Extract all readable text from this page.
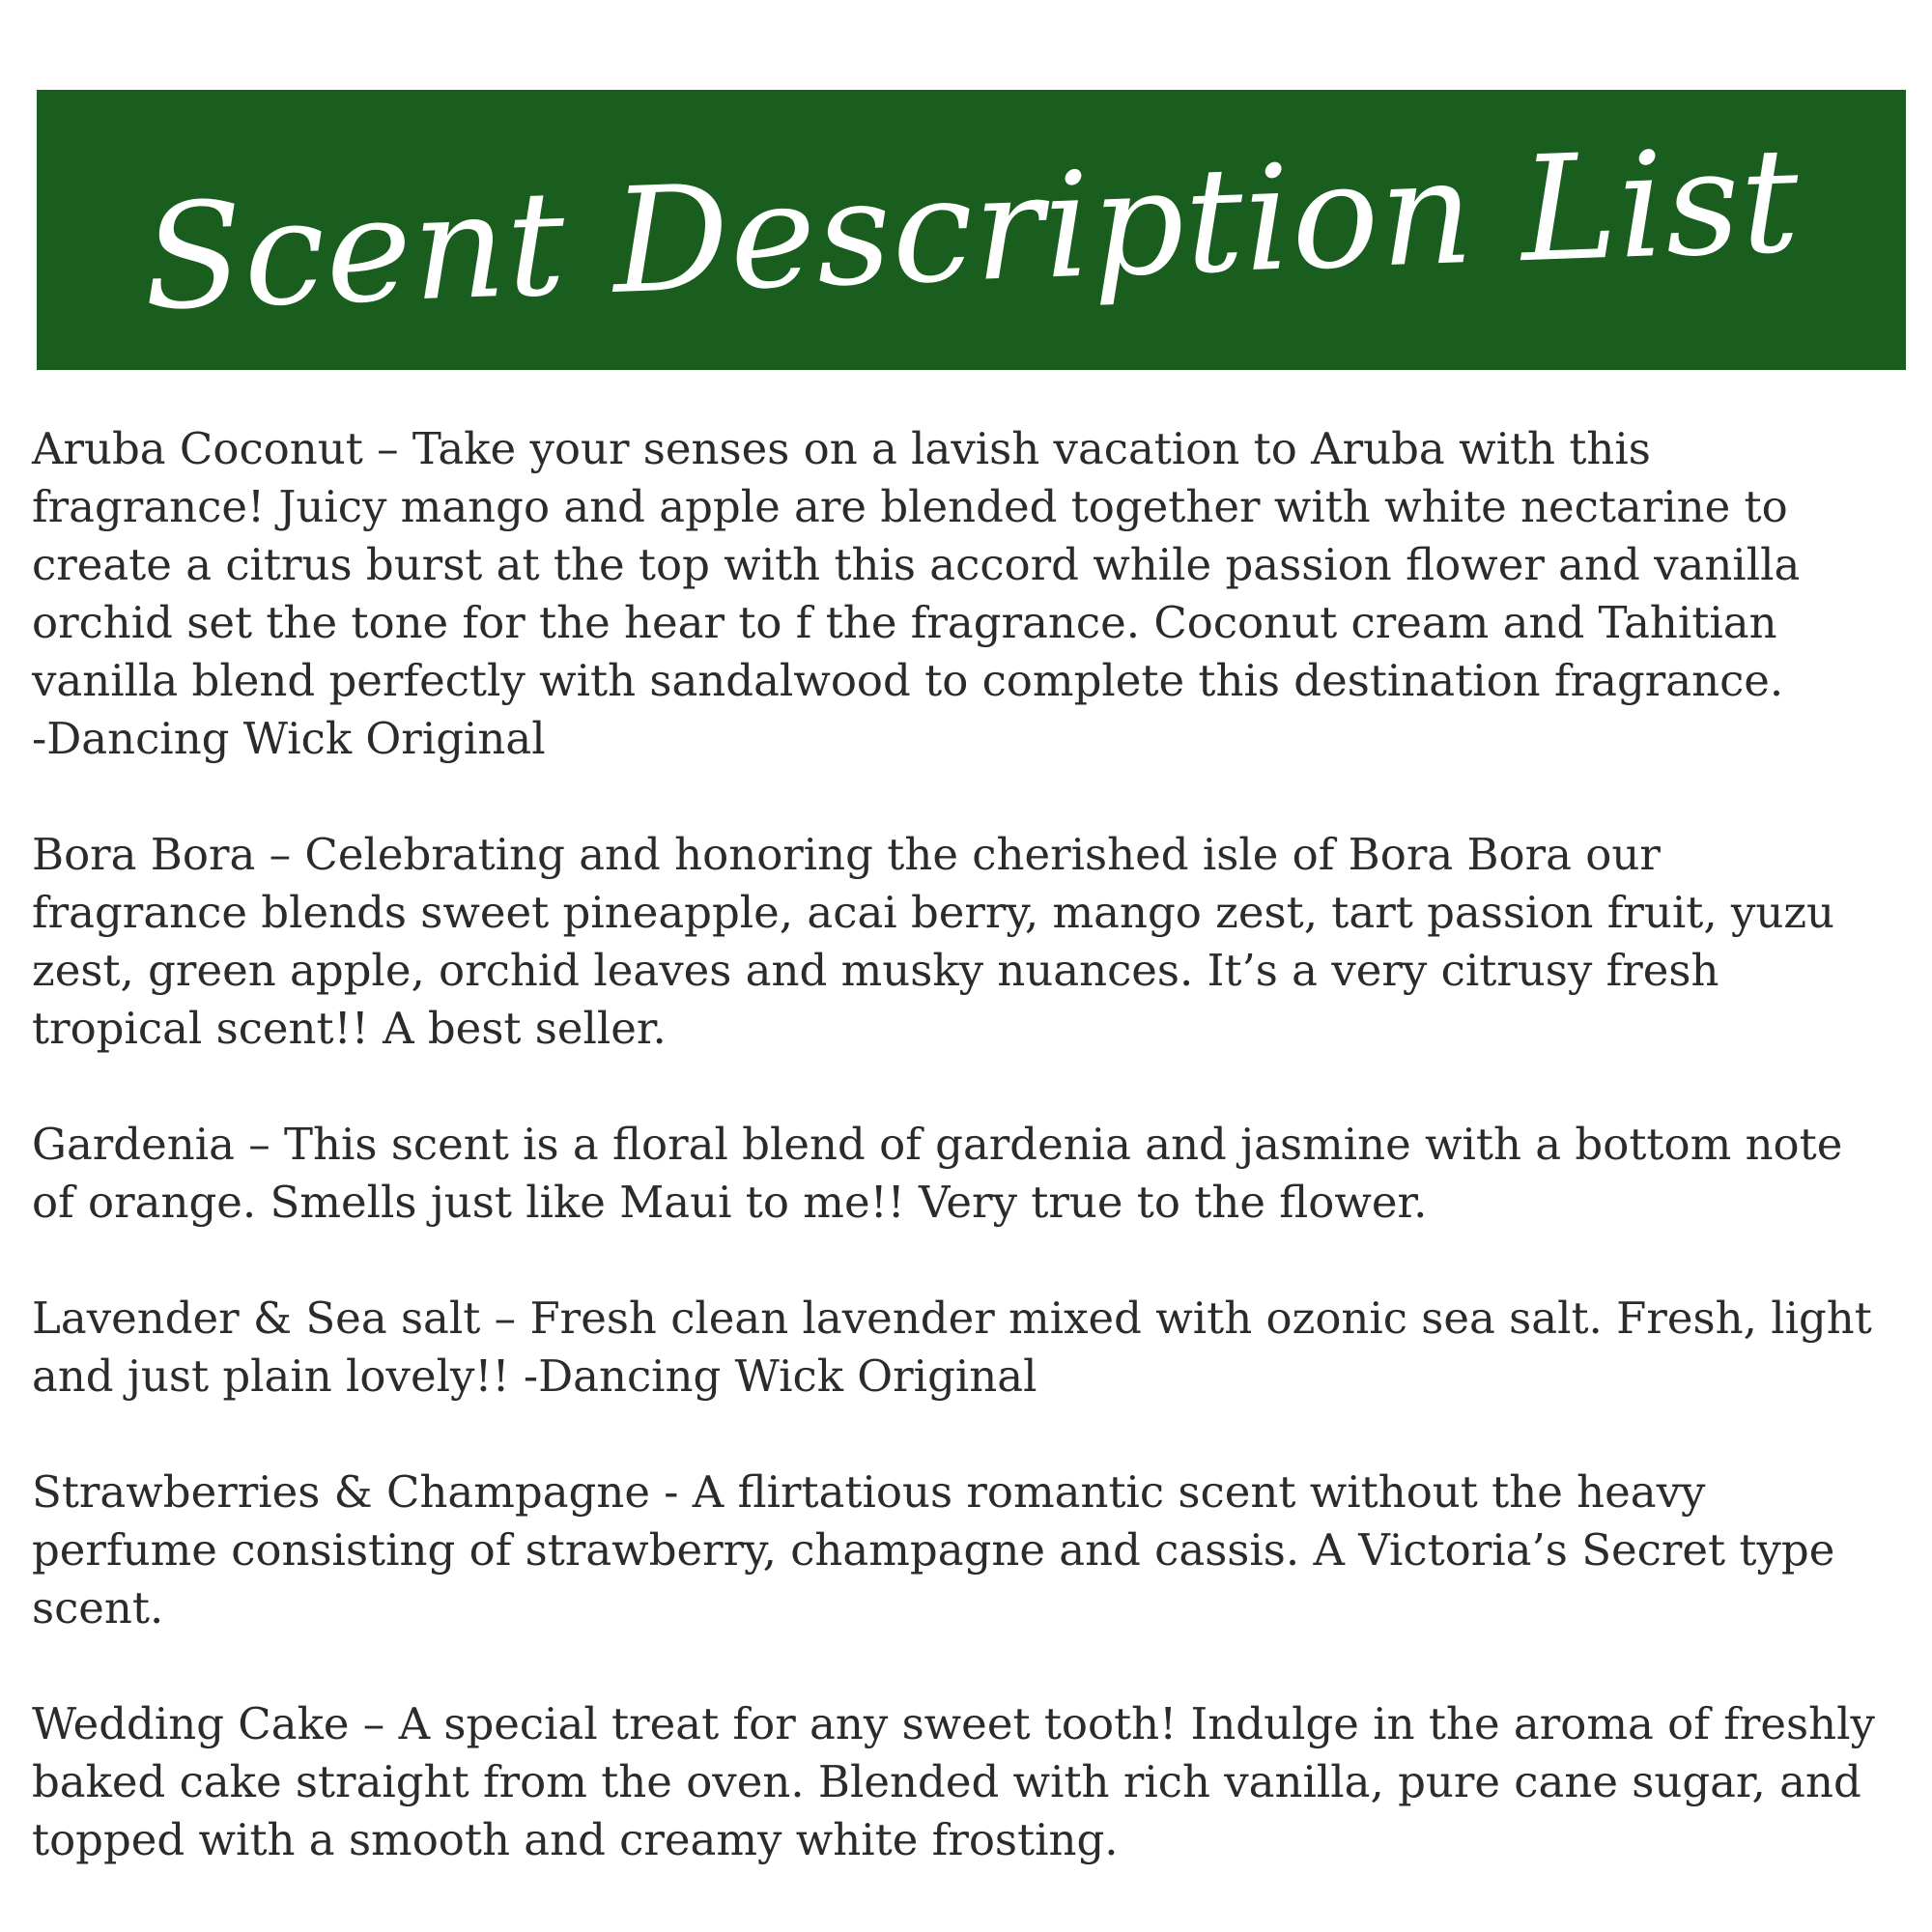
Scent Description List

Aruba Coconut – Take your senses on a lavish vacation to Aruba with this
fragrance! Juicy mango and apple are blended together with white nectarine to
create a citrus burst at the top with this accord while passion flower and vanilla
orchid set the tone for the hear to f the fragrance. Coconut cream and Tahitian
vanilla blend perfectly with sandalwood to complete this destination fragrance.
-Dancing Wick Original

Bora Bora – Celebrating and honoring the cherished isle of Bora Bora our
fragrance blends sweet pineapple, acai berry, mango zest, tart passion fruit, yuzu
zest, green apple, orchid leaves and musky nuances. It’s a very citrusy fresh
tropical scent!! A best seller.

Gardenia – This scent is a floral blend of gardenia and jasmine with a bottom note
of orange. Smells just like Maui to me!! Very true to the flower.

Lavender & Sea salt – Fresh clean lavender mixed with ozonic sea salt. Fresh, light
and just plain lovely!! -Dancing Wick Original

Strawberries & Champagne - A flirtatious romantic scent without the heavy
perfume consisting of strawberry, champagne and cassis. A Victoria’s Secret type
scent.

Wedding Cake – A special treat for any sweet tooth! Indulge in the aroma of freshly
baked cake straight from the oven. Blended with rich vanilla, pure cane sugar, and
topped with a smooth and creamy white frosting.
